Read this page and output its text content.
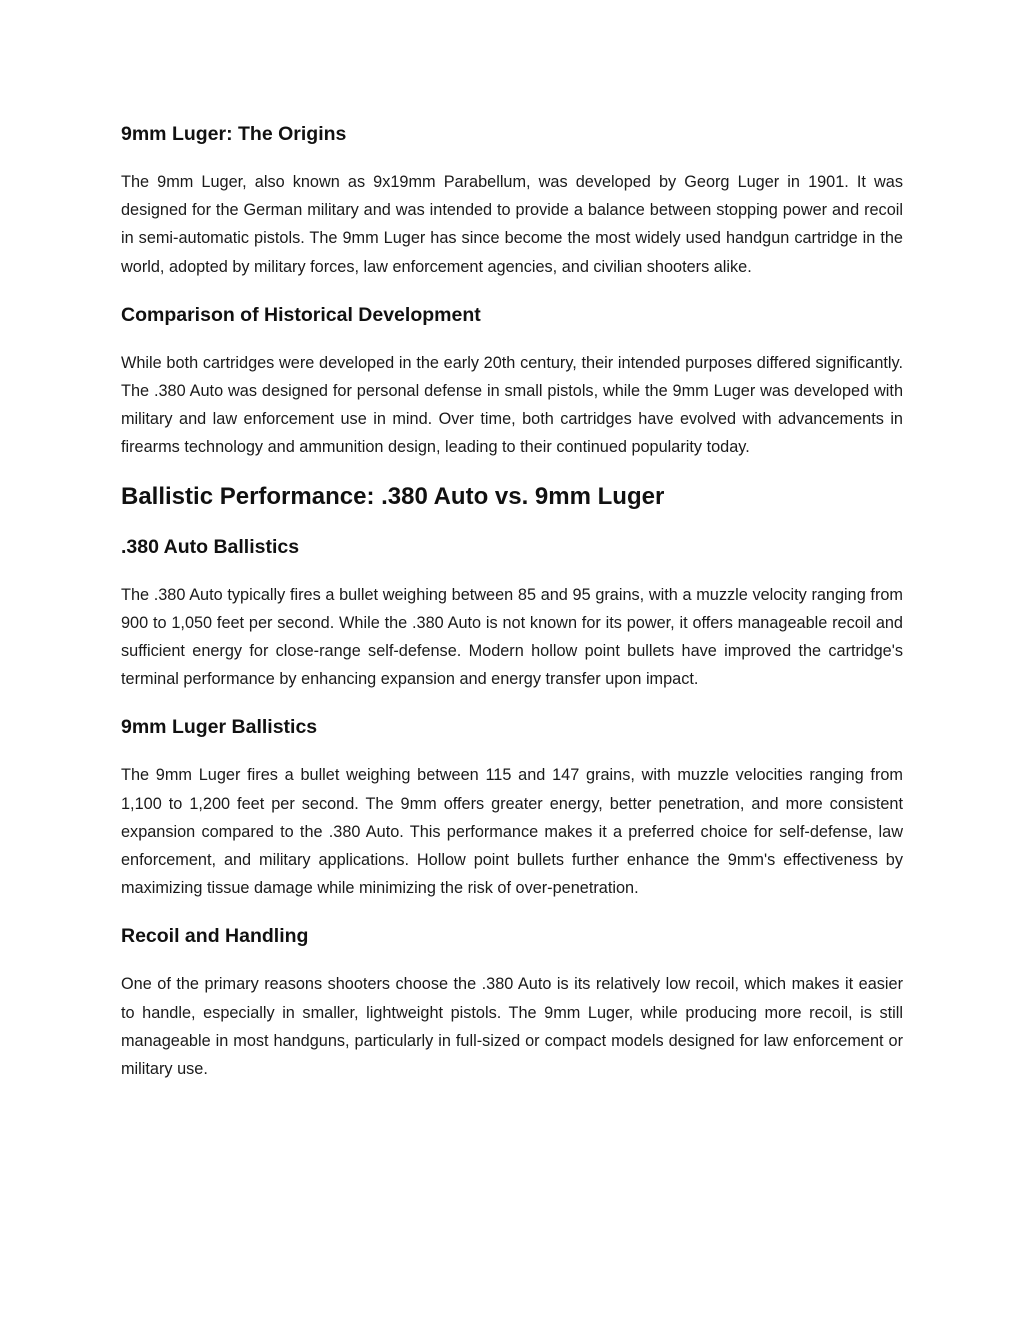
9mm Luger: The Origins

The 9mm Luger, also known as 9x19mm Parabellum, was developed by Georg Luger in 1901. It was designed for the German military and was intended to provide a balance between stopping power and recoil in semi-automatic pistols. The 9mm Luger has since become the most widely used handgun cartridge in the world, adopted by military forces, law enforcement agencies, and civilian shooters alike.

Comparison of Historical Development

While both cartridges were developed in the early 20th century, their intended purposes differed significantly. The .380 Auto was designed for personal defense in small pistols, while the 9mm Luger was developed with military and law enforcement use in mind. Over time, both cartridges have evolved with advancements in firearms technology and ammunition design, leading to their continued popularity today.

Ballistic Performance: .380 Auto vs. 9mm Luger
.380 Auto Ballistics

The .380 Auto typically fires a bullet weighing between 85 and 95 grains, with a muzzle velocity ranging from 900 to 1,050 feet per second. While the .380 Auto is not known for its power, it offers manageable recoil and sufficient energy for close-range self-defense. Modern hollow point bullets have improved the cartridge's terminal performance by enhancing expansion and energy transfer upon impact.

9mm Luger Ballistics

The 9mm Luger fires a bullet weighing between 115 and 147 grains, with muzzle velocities ranging from 1,100 to 1,200 feet per second. The 9mm offers greater energy, better penetration, and more consistent expansion compared to the .380 Auto. This performance makes it a preferred choice for self-defense, law enforcement, and military applications. Hollow point bullets further enhance the 9mm's effectiveness by maximizing tissue damage while minimizing the risk of over-penetration.

Recoil and Handling

One of the primary reasons shooters choose the .380 Auto is its relatively low recoil, which makes it easier to handle, especially in smaller, lightweight pistols. The 9mm Luger, while producing more recoil, is still manageable in most handguns, particularly in full-sized or compact models designed for law enforcement or military use.
